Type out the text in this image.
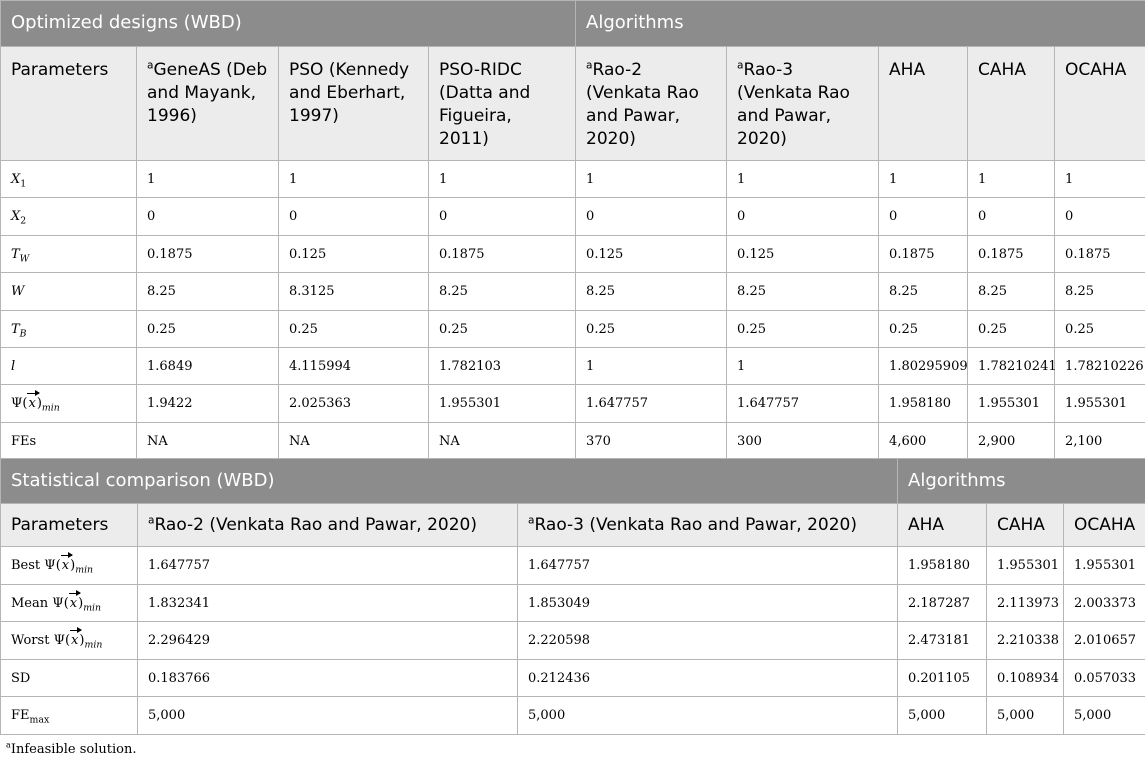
Optimized designs (WBD)				Algorithms				
Parameters	$^a$GeneAS (Deb and Mayank, 1996)	PSO (Kennedy and Eberhart, 1997)	PSO-RIDC (Datta and Figueira, 2011)	$^a$Rao-2 (Venkata Rao and Pawar, 2020)	$^a$Rao-3 (Venkata Rao and Pawar, 2020)	AHA	CAHA	OCAHA
$X_1$	1	1	1	1	1	1	1	1
$X_2$	0	0	0	0	0	0	0	0
$T_W$	0.1875	0.125	0.1875	0.125	0.125	0.1875	0.1875	0.1875
W	8.25	8.3125	8.25	8.25	8.25	8.25	8.25	8.25
$T_B$	0.25	0.25	0.25	0.25	0.25	0.25	0.25	0.25
l	1.6849	4.115994	1.782103	1	1	1.80295909	1.78210241	1.78210226
$\Psi(x)_{min}$	1.9422	2.025363	1.955301	1.647757	1.647757	1.958180	1.955301	1.955301
FEs	NA	NA	NA	370	300	4,600	2,900	2,100
Statistical comparison (WBD)			Algorithms		
Parameters	$^a$Rao-2 (Venkata Rao and Pawar, 2020)	$^a$Rao-3 (Venkata Rao and Pawar, 2020)	AHA	CAHA	OCAHA
Best $\Psi(x)_{min}$	1.647757	1.647757	1.958180	1.955301	1.955301
Mean $\Psi(x)_{min}$	1.832341	1.853049	2.187287	2.113973	2.003373
Worst $\Psi(x)_{min}$	2.296429	2.220598	2.473181	2.210338	2.010657
SD	0.183766	0.212436	0.201105	0.108934	0.057033
$FE_{max}$	5,000	5,000	5,000	5,000	5,000
$^a$Infeasible solution.
